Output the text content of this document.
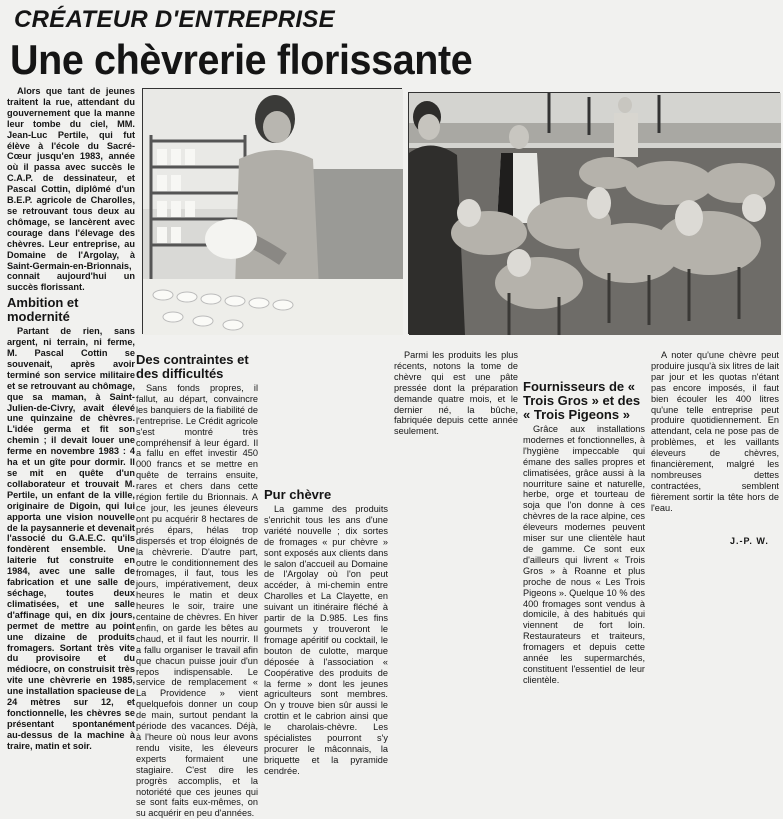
CRÉATEUR D'ENTREPRISE
Une chèvrerie florissante

Alors que tant de jeunes traitent la rue, attendant du gouvernement que la manne leur tombe du ciel, MM. Jean-Luc Pertile, qui fut élève à l'école du Sacré-Cœur jusqu'en 1983, année où il passa avec succès le C.A.P. de dessinateur, et Pascal Cottin, diplômé d'un B.E.P. agricole de Charolles, se retrouvant tous deux au chômage, se lancèrent avec courage dans l'élevage des chèvres. Leur entreprise, au Domaine de l'Argolay, à Saint-Germain-en-Brionnais, connait aujourd'hui un succès florissant.

Ambition et modernité

Partant de rien, sans argent, ni terrain, ni ferme, M. Pascal Cottin se souvenait, après avoir terminé son service militaire et se retrouvant au chômage, que sa maman, à Saint-Julien-de-Civry, avait élevé une quinzaine de chèvres. L'idée germa et fit son chemin ; il devait louer une ferme en novembre 1983 : 4 ha et un gîte pour dormir. Il se mit en quête d'un collaborateur et trouvait M. Pertile, un enfant de la ville, originaire de Digoin, qui lui apporta une vision nouvelle de la paysannerie et devenait l'associé du G.A.E.C. qu'ils fondèrent ensemble. Une laiterie fut construite en 1984, avec une salle de fabrication et une salle de séchage, toutes deux climatisées, et une salle d'affinage qui, en dix jours, permet de mettre au point une dizaine de produits fromagers. Sortant très vite du provisoire et du médiocre, on construisit très vite une chèvrerie en 1985, une installation spacieuse de 24 mètres sur 12, et fonctionnelle, les chèvres se présentant spontanément au-dessus de la machine à traire, matin et soir.

Des contraintes et des difficultés

Sans fonds propres, il fallut, au départ, convaincre les banquiers de la fiabilité de l'entreprise. Le Crédit agricole s'est montré très compréhensif à leur égard. Il a fallu en effet investir 450 000 francs et se mettre en quête de terrains ensuite, rares et chers dans cette région fertile du Brionnais. A ce jour, les jeunes éleveurs ont pu acquérir 8 hectares de prés épars, hélas trop dispersés et trop éloignés de la chèvrerie. D'autre part, outre le conditionnement des fromages, il faut, tous les jours, impérativement, deux heures le matin et deux heures le soir, traire une centaine de chèvres. En hiver enfin, on garde les bêtes au chaud, et il faut les nourrir. Il a fallu organiser le travail afin que chacun puisse jouir d'un repos indispensable. Le service de remplacement « La Providence » vient quelquefois donner un coup de main, surtout pendant la période des vacances. Déjà, à l'heure où nous leur avons rendu visite, les éleveurs experts formaient une stagiaire. C'est dire les progrès accomplis, et la notoriété que ces jeunes qui se sont faits eux-mêmes, on su acquérir en peu d'années.

Pur chèvre

La gamme des produits s'enrichit tous les ans d'une variété nouvelle ; dix sortes de fromages « pur chèvre » sont exposés aux clients dans le salon d'accueil au Domaine de l'Argolay où l'on peut accéder, à mi-chemin entre Charolles et La Clayette, en suivant un itinéraire fléché à partir de la D.985. Les fins gourmets y trouveront le fromage apéritif ou cocktail, le bouton de culotte, marque déposée à l'association « Coopérative des produits de la ferme » dont les jeunes agriculteurs sont membres. On y trouve bien sûr aussi le crottin et le cabrion ainsi que le charolais-chèvre. Les spécialistes pourront s'y procurer le mâconnais, la briquette et la pyramide cendrée.

Parmi les produits les plus récents, notons la tome de chèvre qui est une pâte pressée dont la préparation demande quatre mois, et le dernier né, la bûche, fabriquée depuis cette année seulement.

Fournisseurs de « Trois Gros » et des « Trois Pigeons »

Grâce aux installations modernes et fonctionnelles, à l'hygiène impeccable qui émane des salles propres et climatisées, grâce aussi à la nourriture saine et naturelle, herbe, orge et tourteau de soja que l'on donne à ces chèvres de la race alpine, ces éleveurs modernes peuvent miser sur une clientèle haut de gamme. Ce sont eux d'ailleurs qui livrent « Trois Gros » à Roanne et plus proche de nous « Les Trois Pigeons ». Quelque 10 % des 400 fromages sont vendus à domicile, à des habitués qui viennent de fort loin. Restaurateurs et traiteurs, fromagers et depuis cette année les supermarchés, constituent l'essentiel de leur clientèle.

A noter qu'une chèvre peut produire jusqu'à six litres de lait par jour et les quotas n'étant pas encore imposés, il faut bien écouler les 400 litres qu'une telle entreprise peut produire quotidiennement. En attendant, cela ne pose pas de problèmes, et les vaillants éleveurs de chèvres, financièrement, malgré les nombreuses dettes contractées, semblent fièrement sortir la tête hors de l'eau.

J.-P. W.
